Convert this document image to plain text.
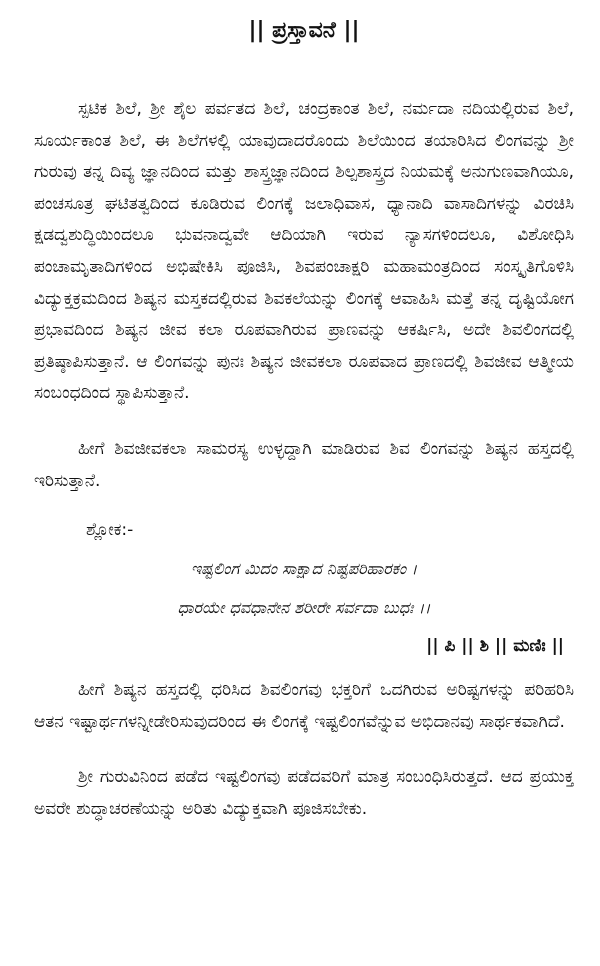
|| ಪ್ರಸ್ತಾವನೆ ||

ಸ್ಪಟಿಕ ಶಿಲೆ, ಶ್ರೀ ಶೈಲ ಪರ್ವತದ ಶಿಲೆ, ಚಂದ್ರಕಾಂತ ಶಿಲೆ, ನರ್ಮದಾ ನದಿಯಲ್ಲಿರುವ ಶಿಲೆ, ಸೂರ್ಯಕಾಂತ ಶಿಲೆ, ಈ ಶಿಲೆಗಳಲ್ಲಿ ಯಾವುದಾದರೊಂದು ಶಿಲೆಯಿಂದ ತಯಾರಿಸಿದ ಲಿಂಗವನ್ನು ಶ್ರೀ ಗುರುವು ತನ್ನ ದಿವ್ಯ ಜ್ಞಾನದಿಂದ ಮತ್ತು ಶಾಸ್ತ್ರಜ್ಞಾನದಿಂದ ಶಿಲ್ಪಶಾಸ್ತ್ರದ ನಿಯಮಕ್ಕೆ ಅನುಗುಣವಾಗಿಯೂ, ಪಂಚಸೂತ್ರ ಘಟಿತತ್ವದಿಂದ ಕೂಡಿರುವ ಲಿಂಗಕ್ಕೆ ಜಲಾಧಿವಾಸ, ಧ್ಯಾನಾದಿ ವಾಸಾದಿಗಳನ್ನು ವಿರಚಿಸಿ ಕ್ಷಡದ್ವಶುದ್ಧಿಯಿಂದಲೂ ಭುವನಾದ್ವವೇ ಆದಿಯಾಗಿ ಇರುವ ನ್ಯಾಸಗಳಿಂದಲೂ, ವಿಶೋಧಿಸಿ ಪಂಚಾಮೃತಾದಿಗಳಿಂದ ಅಭಿಷೇಕಿಸಿ ಪೂಜಿಸಿ, ಶಿವಪಂಚಾಕ್ಷರಿ ಮಹಾಮಂತ್ರದಿಂದ ಸಂಸ್ಕೃತಿಗೊಳಿಸಿ ವಿದ್ಯುಕ್ತಕ್ರಮದಿಂದ ಶಿಷ್ಯನ ಮಸ್ತಕದಲ್ಲಿರುವ ಶಿವಕಲೆಯನ್ನು ಲಿಂಗಕ್ಕೆ ಆವಾಹಿಸಿ ಮತ್ತೆ ತನ್ನ ದೃಷ್ಟಿಯೋಗ ಪ್ರಭಾವದಿಂದ ಶಿಷ್ಯನ ಜೀವ ಕಲಾ ರೂಪವಾಗಿರುವ ಪ್ರಾಣವನ್ನು ಆಕರ್ಷಿಸಿ, ಅದೇ ಶಿವಲಿಂಗದಲ್ಲಿ ಪ್ರತಿಷ್ಠಾಪಿಸುತ್ತಾನೆ. ಆ ಲಿಂಗವನ್ನು ಪುನಃ ಶಿಷ್ಯನ ಜೀವಕಲಾ ರೂಪವಾದ ಪ್ರಾಣದಲ್ಲಿ ಶಿವಜೀವ ಆತ್ಮೀಯ ಸಂಬಂಧದಿಂದ ಸ್ಥಾಪಿಸುತ್ತಾನೆ.

ಹೀಗೆ ಶಿವಜೀವಕಲಾ ಸಾಮರಸ್ಯ ಉಳ್ಳದ್ದಾಗಿ ಮಾಡಿರುವ ಶಿವ ಲಿಂಗವನ್ನು ಶಿಷ್ಯನ ಹಸ್ತದಲ್ಲಿ ಇರಿಸುತ್ತಾನೆ.

ಶ್ಲೋಕ:-
ಇಷ್ಟಲಿಂಗ ಮಿದಂ ಸಾಕ್ಷಾದ ನಿಷ್ಟಪರಿಹಾರಕಂ ।
ಧಾರಯೇ ಧವಧಾನೇನ ಶರೀರೇ ಸರ್ವದಾ ಬುಧಃ ।।
|| ಪಿ || ಶಿ || ಮಣಿಃ ||

ಹೀಗೆ ಶಿಷ್ಯನ ಹಸ್ತದಲ್ಲಿ ಧರಿಸಿದ ಶಿವಲಿಂಗವು ಭಕ್ತರಿಗೆ ಒದಗಿರುವ ಅರಿಷ್ಟಗಳನ್ನು ಪರಿಹರಿಸಿ ಆತನ ಇಷ್ಟಾರ್ಥಗಳನ್ನೀಡೇರಿಸುವುದರಿಂದ ಈ ಲಿಂಗಕ್ಕೆ ಇಷ್ಟಲಿಂಗವೆನ್ನುವ ಅಭಿದಾನವು ಸಾರ್ಥಕವಾಗಿದೆ.

ಶ್ರೀ ಗುರುವಿನಿಂದ ಪಡೆದ ಇಷ್ಟಲಿಂಗವು ಪಡೆದವರಿಗೆ ಮಾತ್ರ ಸಂಬಂಧಿಸಿರುತ್ತದೆ. ಆದ ಪ್ರಯುಕ್ತ ಅವರೇ ಶುದ್ಧಾಚರಣೆಯನ್ನು ಅರಿತು ವಿದ್ಯುಕ್ತವಾಗಿ ಪೂಜಿಸಬೇಕು.
